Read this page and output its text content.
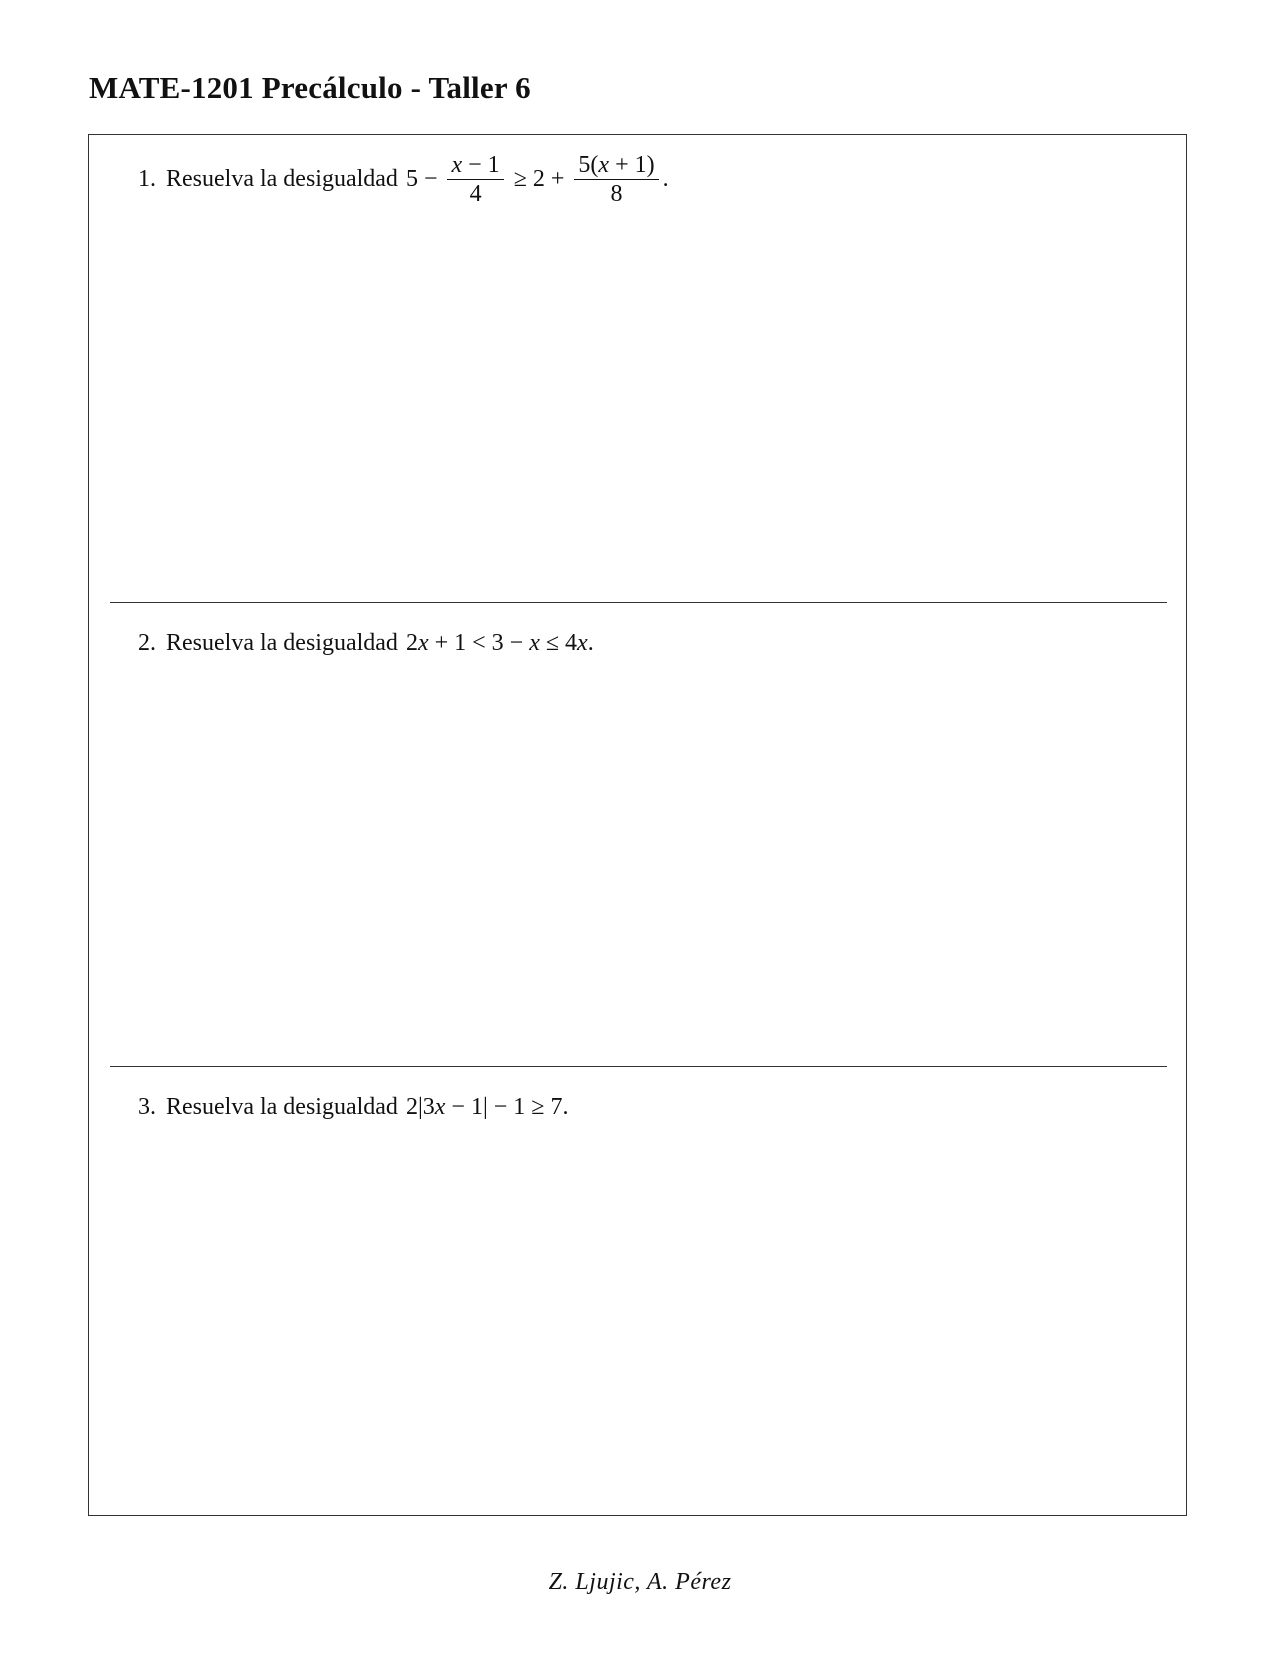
MATE-1201 Precálculo - Taller 6
1. Resuelva la desigualdad $5 - \frac{x - 1}{4} \ge 2 + \frac{5(x + 1)}{8}$ .
2. Resuelva la desigualdad 2 x + 1 < 3 − x ≤ 4 x .
3. Resuelva la desigualdad 2|3 x − 1| − 1 ≥ 7.
Z. Ljujic, A. Pérez
